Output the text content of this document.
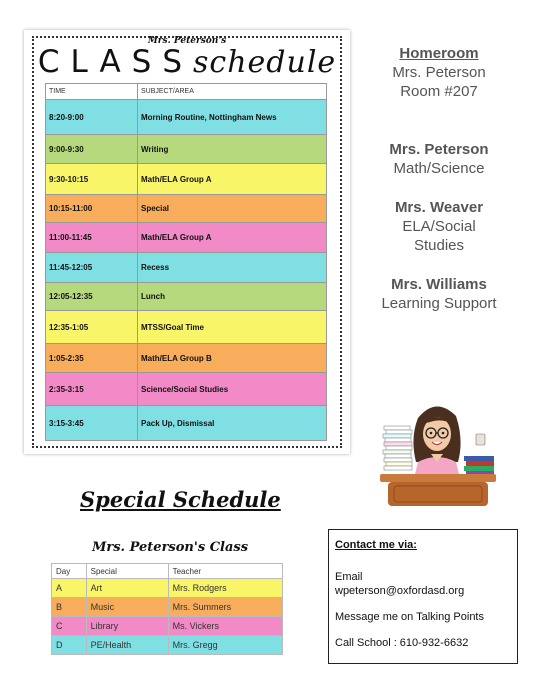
Mrs. Peterson's
CLASSschedule
TIME	SUBJECT/AREA
8:20-9:00	Morning Routine, Nottingham News
9:00-9:30	Writing
9:30-10:15	Math/ELA Group A
10:15-11:00	Special
11:00-11:45	Math/ELA Group A
11:45-12:05	Recess
12:05-12:35	Lunch
12:35-1:05	MTSS/Goal Time
1:05-2:35	Math/ELA Group B
2:35-3:15	Science/Social Studies
3:15-3:45	Pack Up, Dismissal
Homeroom
Mrs. Peterson
Room #207
Mrs. Peterson
Math/Science
Mrs. Weaver
ELA/Social
Studies
Mrs. Williams
Learning Support
Special Schedule
Mrs. Peterson's Class
Day	Special	Teacher
A	Art	Mrs. Rodgers
B	Music	Mrs. Summers
C	Library	Ms. Vickers
D	PE/Health	Mrs. Gregg
Contact me via:
Email
wpeterson@oxfordasd.org
Message me on Talking Points
Call School : 610-932-6632
